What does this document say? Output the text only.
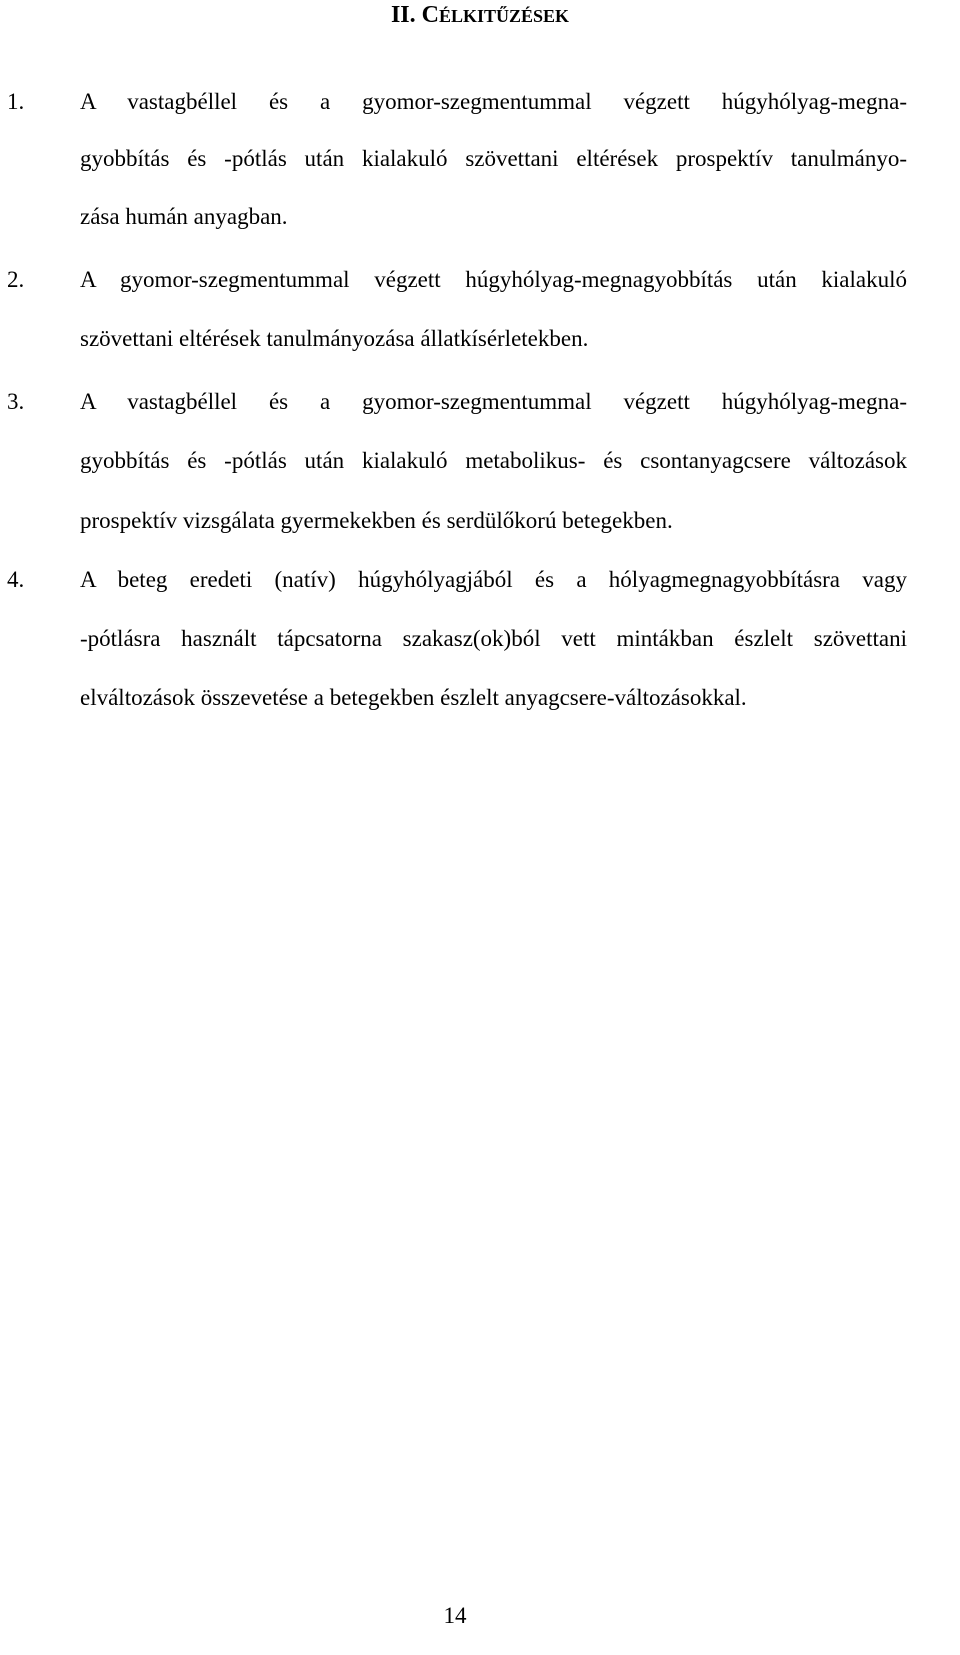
II. CÉLKITŰZÉSEK
1. A vastagbéllel és a gyomor-szegmentummal végzett húgyhólyag-megna-
gyobbítás és -pótlás után kialakuló szövettani eltérések prospektív tanulmányo-
zása humán anyagban.
2. A gyomor-szegmentummal végzett húgyhólyag-megnagyobbítás után kialakuló
szövettani eltérések tanulmányozása állatkísérletekben.
3. A vastagbéllel és a gyomor-szegmentummal végzett húgyhólyag-megna-
gyobbítás és -pótlás után kialakuló metabolikus- és csontanyagcsere változások
prospektív vizsgálata gyermekekben és serdülőkorú betegekben.
4. A beteg eredeti (natív) húgyhólyagjából és a hólyagmegnagyobbításra vagy
-pótlásra használt tápcsatorna szakasz(ok)ból vett mintákban észlelt szövettani
elváltozások összevetése a betegekben észlelt anyagcsere-változásokkal.
14
